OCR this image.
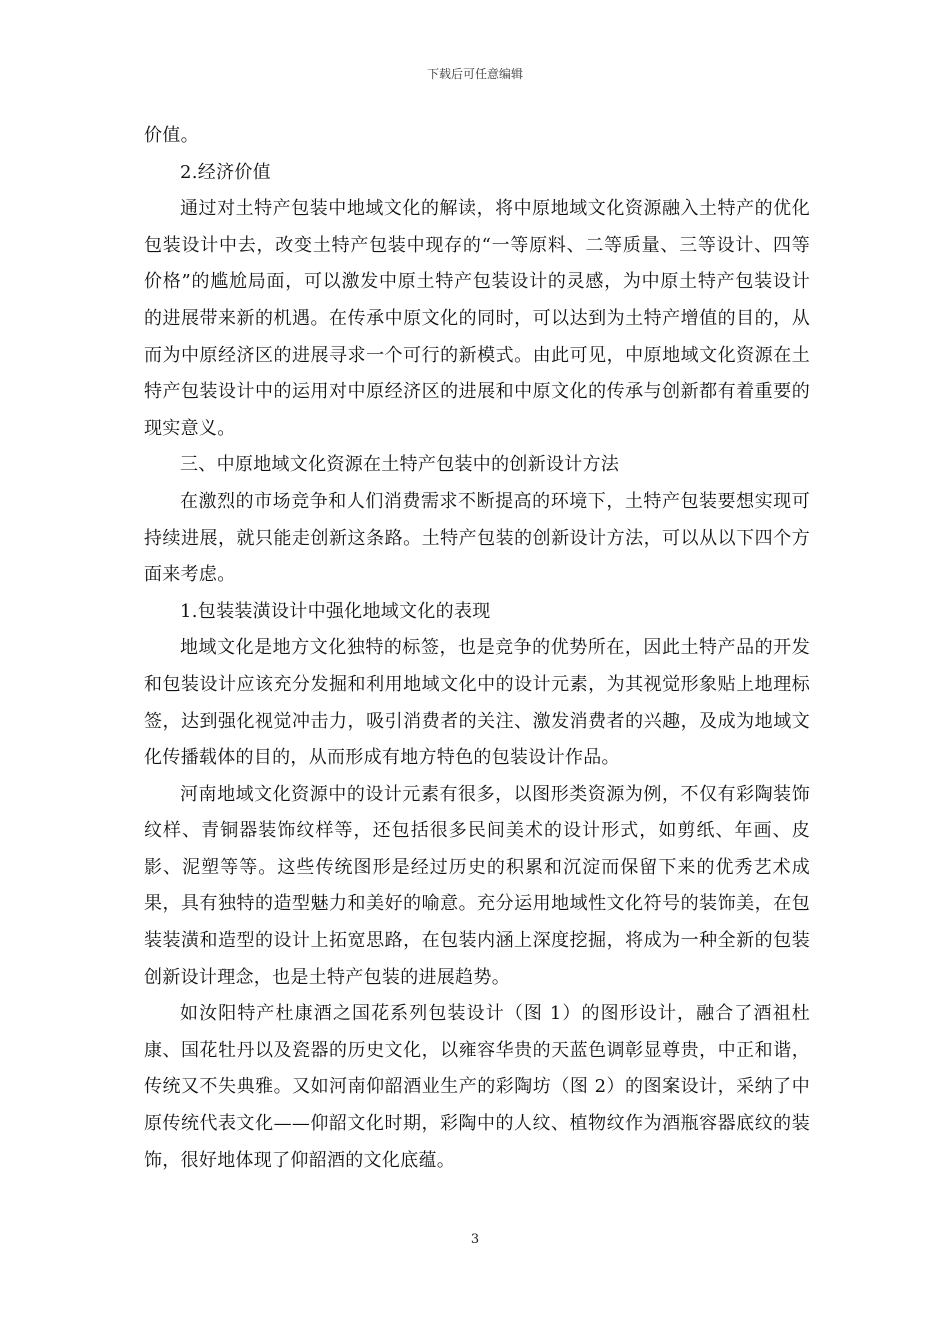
下载后可任意编辑

价值。

2.经济价值

通过对土特产包装中地域文化的解读，将中原地域文化资源融入土特产的优化包装设计中去，改变土特产包装中现存的“一等原料、二等质量、三等设计、四等价格”的尴尬局面，可以激发中原土特产包装设计的灵感，为中原土特产包装设计的进展带来新的机遇。在传承中原文化的同时，可以达到为土特产增值的目的，从而为中原经济区的进展寻求一个可行的新模式。由此可见，中原地域文化资源在土特产包装设计中的运用对中原经济区的进展和中原文化的传承与创新都有着重要的现实意义。

三、中原地域文化资源在土特产包装中的创新设计方法

在激烈的市场竞争和人们消费需求不断提高的环境下，土特产包装要想实现可持续进展，就只能走创新这条路。土特产包装的创新设计方法，可以从以下四个方面来考虑。

1.包装装潢设计中强化地域文化的表现

地域文化是地方文化独特的标签，也是竞争的优势所在，因此土特产品的开发和包装设计应该充分发掘和利用地域文化中的设计元素，为其视觉形象贴上地理标签，达到强化视觉冲击力，吸引消费者的关注、激发消费者的兴趣，及成为地域文化传播载体的目的，从而形成有地方特色的包装设计作品。

河南地域文化资源中的设计元素有很多，以图形类资源为例，不仅有彩陶装饰纹样、青铜器装饰纹样等，还包括很多民间美术的设计形式，如剪纸、年画、皮影、泥塑等等。这些传统图形是经过历史的积累和沉淀而保留下来的优秀艺术成果，具有独特的造型魅力和美好的喻意。充分运用地域性文化符号的装饰美，在包装装潢和造型的设计上拓宽思路，在包装内涵上深度挖掘，将成为一种全新的包装创新设计理念，也是土特产包装的进展趋势。

如汝阳特产杜康酒之国花系列包装设计（图 1）的图形设计，融合了酒祖杜康、国花牡丹以及瓷器的历史文化，以雍容华贵的天蓝色调彰显尊贵，中正和谐，传统又不失典雅。又如河南仰韶酒业生产的彩陶坊（图 2）的图案设计，采纳了中原传统代表文化——仰韶文化时期，彩陶中的人纹、植物纹作为酒瓶容器底纹的装饰，很好地体现了仰韶酒的文化底蕴。

3
